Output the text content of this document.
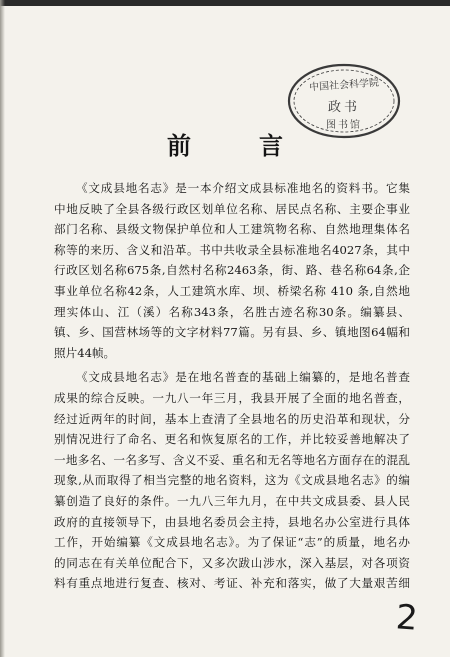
中国社会科学院
政书
图书馆
前　言
《文成县地名志》是一本介绍文成县标准地名的资料书。它集
中地反映了全县各级行政区划单位名称、居民点名称、主要企事业
部门名称、县级文物保护单位和人工建筑物名称、自然地理集体名
称等的来历、含义和沿革。书中共收录全县标准地名4027条，其中
行政区划名称675条,自然村名称2463条，街、路、巷名称64条,企
事业单位名称42条，人工建筑水库、坝、桥梁名称 410 条,自然地
理实体山、江（溪）名称343条，名胜古迹名称30条。编纂县、
镇、乡、国营林场等的文字材料77篇。另有县、乡、镇地图64幅和
照片44帧。
《文成县地名志》是在地名普查的基础上编纂的，是地名普查
成果的综合反映。一九八一年三月，我县开展了全面的地名普查，
经过近两年的时间，基本上查清了全县地名的历史沿革和现状，分
别情况进行了命名、更名和恢复原名的工作，并比较妥善地解决了
一地多名、一名多写、含义不妥、重名和无名等地名方面存在的混乱
现象,从而取得了相当完整的地名资料，这为《文成县地名志》的编
纂创造了良好的条件。一九八三年九月，在中共文成县委、县人民
政府的直接领导下，由县地名委员会主持，县地名办公室进行具体
工作，开始编纂《文成县地名志》。为了保证“志”的质量，地名办
的同志在有关单位配合下，又多次跋山涉水，深入基层，对各项资
料有重点地进行复查、核对、考证、补充和落实，做了大量艰苦细
2
